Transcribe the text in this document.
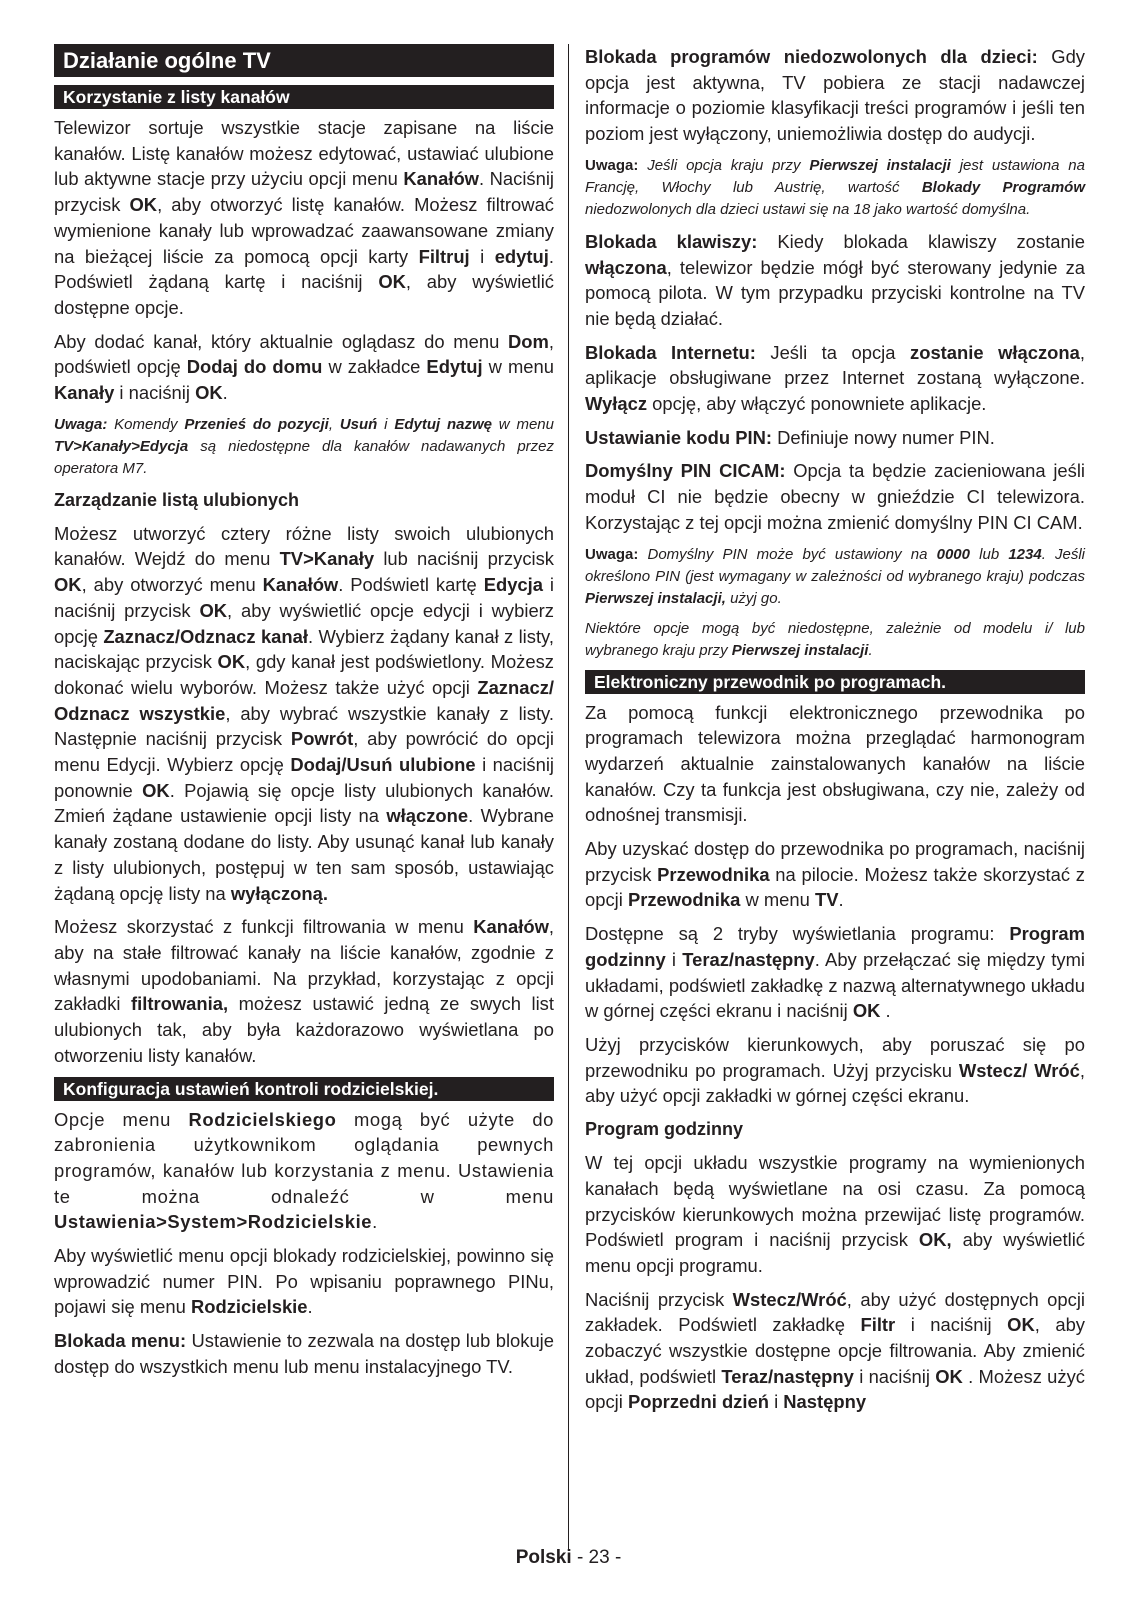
Działanie ogólne TV
Korzystanie z listy kanałów

Telewizor sortuje wszystkie stacje zapisane na liście kanałów. Listę kanałów możesz edytować, ustawiać ulubione lub aktywne stacje przy użyciu opcji menu Kanałów. Naciśnij przycisk OK, aby otworzyć listę kanałów. Możesz filtrować wymienione kanały lub wprowadzać zaawansowane zmiany na bieżącej liście za pomocą opcji karty Filtruj i edytuj. Podświetl żądaną kartę i naciśnij OK, aby wyświetlić dostępne opcje.

Aby dodać kanał, który aktualnie oglądasz do menu Dom, podświetl opcję Dodaj do domu w zakładce Edytuj w menu Kanały i naciśnij OK.

Uwaga: Komendy Przenieś do pozycji, Usuń i Edytuj nazwę w menu TV>Kanały>Edycja są niedostępne dla kanałów nadawanych przez operatora M7.

Zarządzanie listą ulubionych

Możesz utworzyć cztery różne listy swoich ulubionych kanałów. Wejdź do menu TV>Kanały lub naciśnij przycisk OK, aby otworzyć menu Kanałów. Podświetl kartę Edycja i naciśnij przycisk OK, aby wyświetlić opcje edycji i wybierz opcję Zaznacz/Odznacz kanał. Wybierz żądany kanał z listy, naciskając przycisk OK, gdy kanał jest podświetlony. Możesz dokonać wielu wyborów. Możesz także użyć opcji Zaznacz/ Odznacz wszystkie, aby wybrać wszystkie kanały z listy. Następnie naciśnij przycisk Powrót, aby powrócić do opcji menu Edycji. Wybierz opcję Dodaj/Usuń ulubione i naciśnij ponownie OK. Pojawią się opcje listy ulubionych kanałów. Zmień żądane ustawienie opcji listy na włączone. Wybrane kanały zostaną dodane do listy. Aby usunąć kanał lub kanały z listy ulubionych, postępuj w ten sam sposób, ustawiając żądaną opcję listy na wyłączoną.

Możesz skorzystać z funkcji filtrowania w menu Kanałów, aby na stałe filtrować kanały na liście kanałów, zgodnie z własnymi upodobaniami. Na przykład, korzystając z opcji zakładki filtrowania, możesz ustawić jedną ze swych list ulubionych tak, aby była każdorazowo wyświetlana po otworzeniu listy kanałów.

Konfiguracja ustawień kontroli rodzicielskiej.

Opcje menu Rodzicielskiego mogą być użyte do zabronienia użytkownikom oglądania pewnych programów, kanałów lub korzystania z menu. Ustawienia te można odnaleźć w menu Ustawienia>System>Rodzicielskie.

Aby wyświetlić menu opcji blokady rodzicielskiej, powinno się wprowadzić numer PIN. Po wpisaniu poprawnego PINu, pojawi się menu Rodzicielskie.

Blokada menu: Ustawienie to zezwala na dostęp lub blokuje dostęp do wszystkich menu lub menu instalacyjnego TV.

Blokada programów niedozwolonych dla dzieci: Gdy opcja jest aktywna, TV pobiera ze stacji nadawczej informacje o poziomie klasyfikacji treści programów i jeśli ten poziom jest wyłączony, uniemożliwia dostęp do audycji.

Uwaga: Jeśli opcja kraju przy Pierwszej instalacji jest ustawiona na Francję, Włochy lub Austrię, wartość Blokady Programów niedozwolonych dla dzieci ustawi się na 18 jako wartość domyślna.

Blokada klawiszy: Kiedy blokada klawiszy zostanie włączona, telewizor będzie mógł być sterowany jedynie za pomocą pilota. W tym przypadku przyciski kontrolne na TV nie będą działać.

Blokada Internetu: Jeśli ta opcja zostanie włączona, aplikacje obsługiwane przez Internet zostaną wyłączone. Wyłącz opcję, aby włączyć ponowniete aplikacje.

Ustawianie kodu PIN: Definiuje nowy numer PIN.

Domyślny PIN CICAM: Opcja ta będzie zacieniowana jeśli moduł CI nie będzie obecny w gnieździe CI telewizora. Korzystając z tej opcji można zmienić domyślny PIN CI CAM.

Uwaga: Domyślny PIN może być ustawiony na 0000 lub 1234. Jeśli określono PIN (jest wymagany w zależności od wybranego kraju) podczas Pierwszej instalacji, użyj go.

Niektóre opcje mogą być niedostępne, zależnie od modelu i/ lub wybranego kraju przy Pierwszej instalacji.

Elektroniczny przewodnik po programach.

Za pomocą funkcji elektronicznego przewodnika po programach telewizora można przeglądać harmonogram wydarzeń aktualnie zainstalowanych kanałów na liście kanałów. Czy ta funkcja jest obsługiwana, czy nie, zależy od odnośnej transmisji.

Aby uzyskać dostęp do przewodnika po programach, naciśnij przycisk Przewodnika na pilocie. Możesz także skorzystać z opcji Przewodnika w menu TV.

Dostępne są 2 tryby wyświetlania programu: Program godzinny i Teraz/następny. Aby przełączać się między tymi układami, podświetl zakładkę z nazwą alternatywnego układu w górnej części ekranu i naciśnij OK .

Użyj przycisków kierunkowych, aby poruszać się po przewodniku po programach. Użyj przycisku Wstecz/ Wróć, aby użyć opcji zakładki w górnej części ekranu.

Program godzinny

W tej opcji układu wszystkie programy na wymienionych kanałach będą wyświetlane na osi czasu. Za pomocą przycisków kierunkowych można przewijać listę programów. Podświetl program i naciśnij przycisk OK, aby wyświetlić menu opcji programu.

Naciśnij przycisk Wstecz/Wróć, aby użyć dostępnych opcji zakładek. Podświetl zakładkę Filtr i naciśnij OK, aby zobaczyć wszystkie dostępne opcje filtrowania. Aby zmienić układ, podświetl Teraz/następny i naciśnij OK . Możesz użyć opcji Poprzedni dzień i Następny

Polski - 23 -
